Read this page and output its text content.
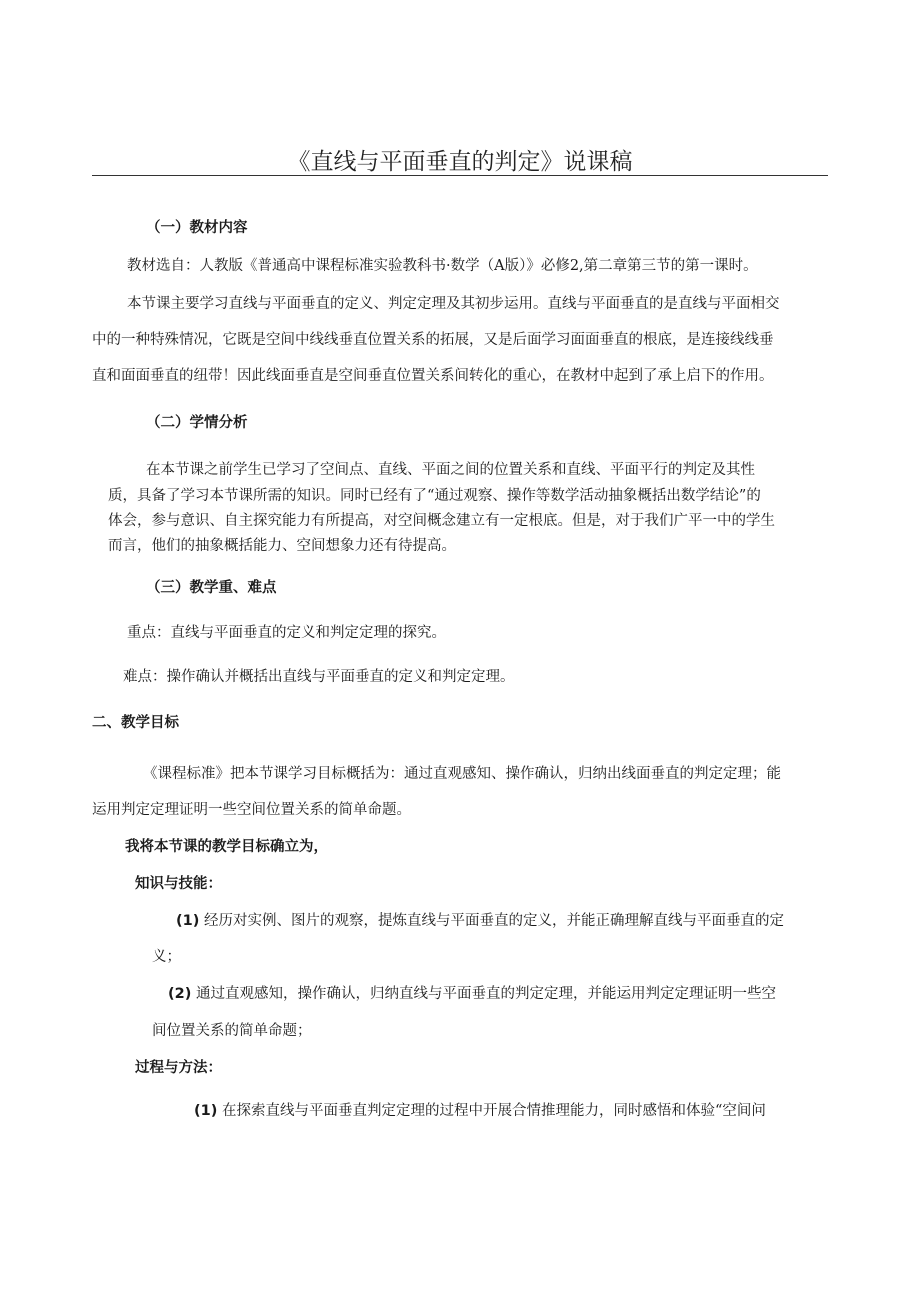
《直线与平面垂直的判定》说课稿
（一）教材内容
教材选自：人教版《普通高中课程标准实验教科书·数学（A版）》必修2,第二章第三节的第一课时。
本节课主要学习直线与平面垂直的定义、判定定理及其初步运用。直线与平面垂直的是直线与平面相交
中的一种特殊情况，它既是空间中线线垂直位置关系的拓展，又是后面学习面面垂直的根底，是连接线线垂
直和面面垂直的纽带！因此线面垂直是空间垂直位置关系间转化的重心，在教材中起到了承上启下的作用。
（二）学情分析
在本节课之前学生已学习了空间点、直线、平面之间的位置关系和直线、平面平行的判定及其性
质，具备了学习本节课所需的知识。同时已经有了“通过观察、操作等数学活动抽象概括出数学结论”的
体会，参与意识、自主探究能力有所提高，对空间概念建立有一定根底。但是，对于我们广平一中的学生
而言，他们的抽象概括能力、空间想象力还有待提高。
（三）教学重、难点
重点：直线与平面垂直的定义和判定定理的探究。
难点：操作确认并概括出直线与平面垂直的定义和判定定理。
二、教学目标
《课程标准》把本节课学习目标概括为：通过直观感知、操作确认，归纳出线面垂直的判定定理；能
运用判定定理证明一些空间位置关系的简单命题。
我将本节课的教学目标确立为，
知识与技能：
(1) 经历对实例、图片的观察，提炼直线与平面垂直的定义，并能正确理解直线与平面垂直的定
义；
(2) 通过直观感知，操作确认，归纳直线与平面垂直的判定定理，并能运用判定定理证明一些空
间位置关系的简单命题；
过程与方法：
(1) 在探索直线与平面垂直判定定理的过程中开展合情推理能力，同时感悟和体验“空间问
